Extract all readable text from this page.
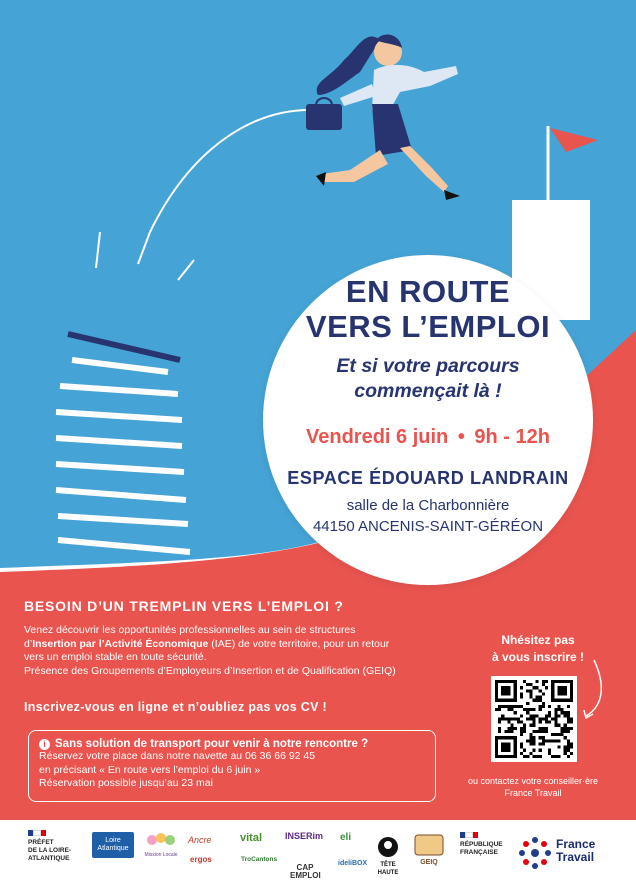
EN ROUTE
VERS L’EMPLOI
Et si votre parcours
commençait là !
Vendredi 6 juin • 9h - 12h
ESPACE ÉDOUARD LANDRAIN
salle de la Charbonnière
44150 ANCENIS-SAINT-GÉRÉON
BESOIN D’UN TREMPLIN VERS L’EMPLOI ?
Venez découvrir les opportunités professionnelles au sein de structures
d’Insertion par l’Activité Économique (IAE) de votre territoire, pour un retour
vers un emploi stable en toute sécurité.
Présence des Groupements d’Employeurs d’Insertion et de Qualification (GEIQ)
Inscrivez-vous en ligne et n’oubliez pas vos CV !
i Sans solution de transport pour venir à notre rencontre ?
Réservez votre place dans notre navette au 06 36 66 92 45
en précisant « En route vers l’emploi du 6 juin »
Réservation possible jusqu’au 23 mai
Nhésitez pas
à vous inscrire !
ou contactez votre conseiller·ère
France Travail
PRÉFET
DE LA LOIRE-
ATLANTIQUE
Loire Atlantique
Mission Locale
Ancre
ergos
vital
TroCantons
INSERim
CAP
EMPLOI
eli
ideliBOX	TÊTE HAUTE
GEIQ
RÉPUBLIQUE
FRANÇAISE
France
Travail
